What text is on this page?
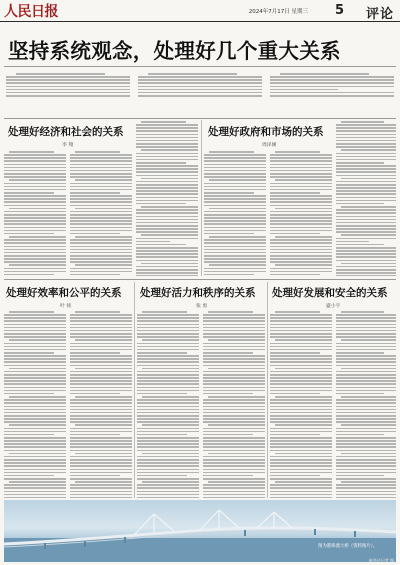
人民日报	2024年7月17日 星期三 5 评论
坚持系统观念，处理好几个重大关系
处理好经济和社会的关系
李 翔
处理好政府和市场的关系
周泽刚
处理好效率和公平的关系
叶 扬
处理好活力和秩序的关系
张 勇
处理好发展和安全的关系
盛小宇
图为港珠澳大桥（资料图片）。
新华社记者 摄
